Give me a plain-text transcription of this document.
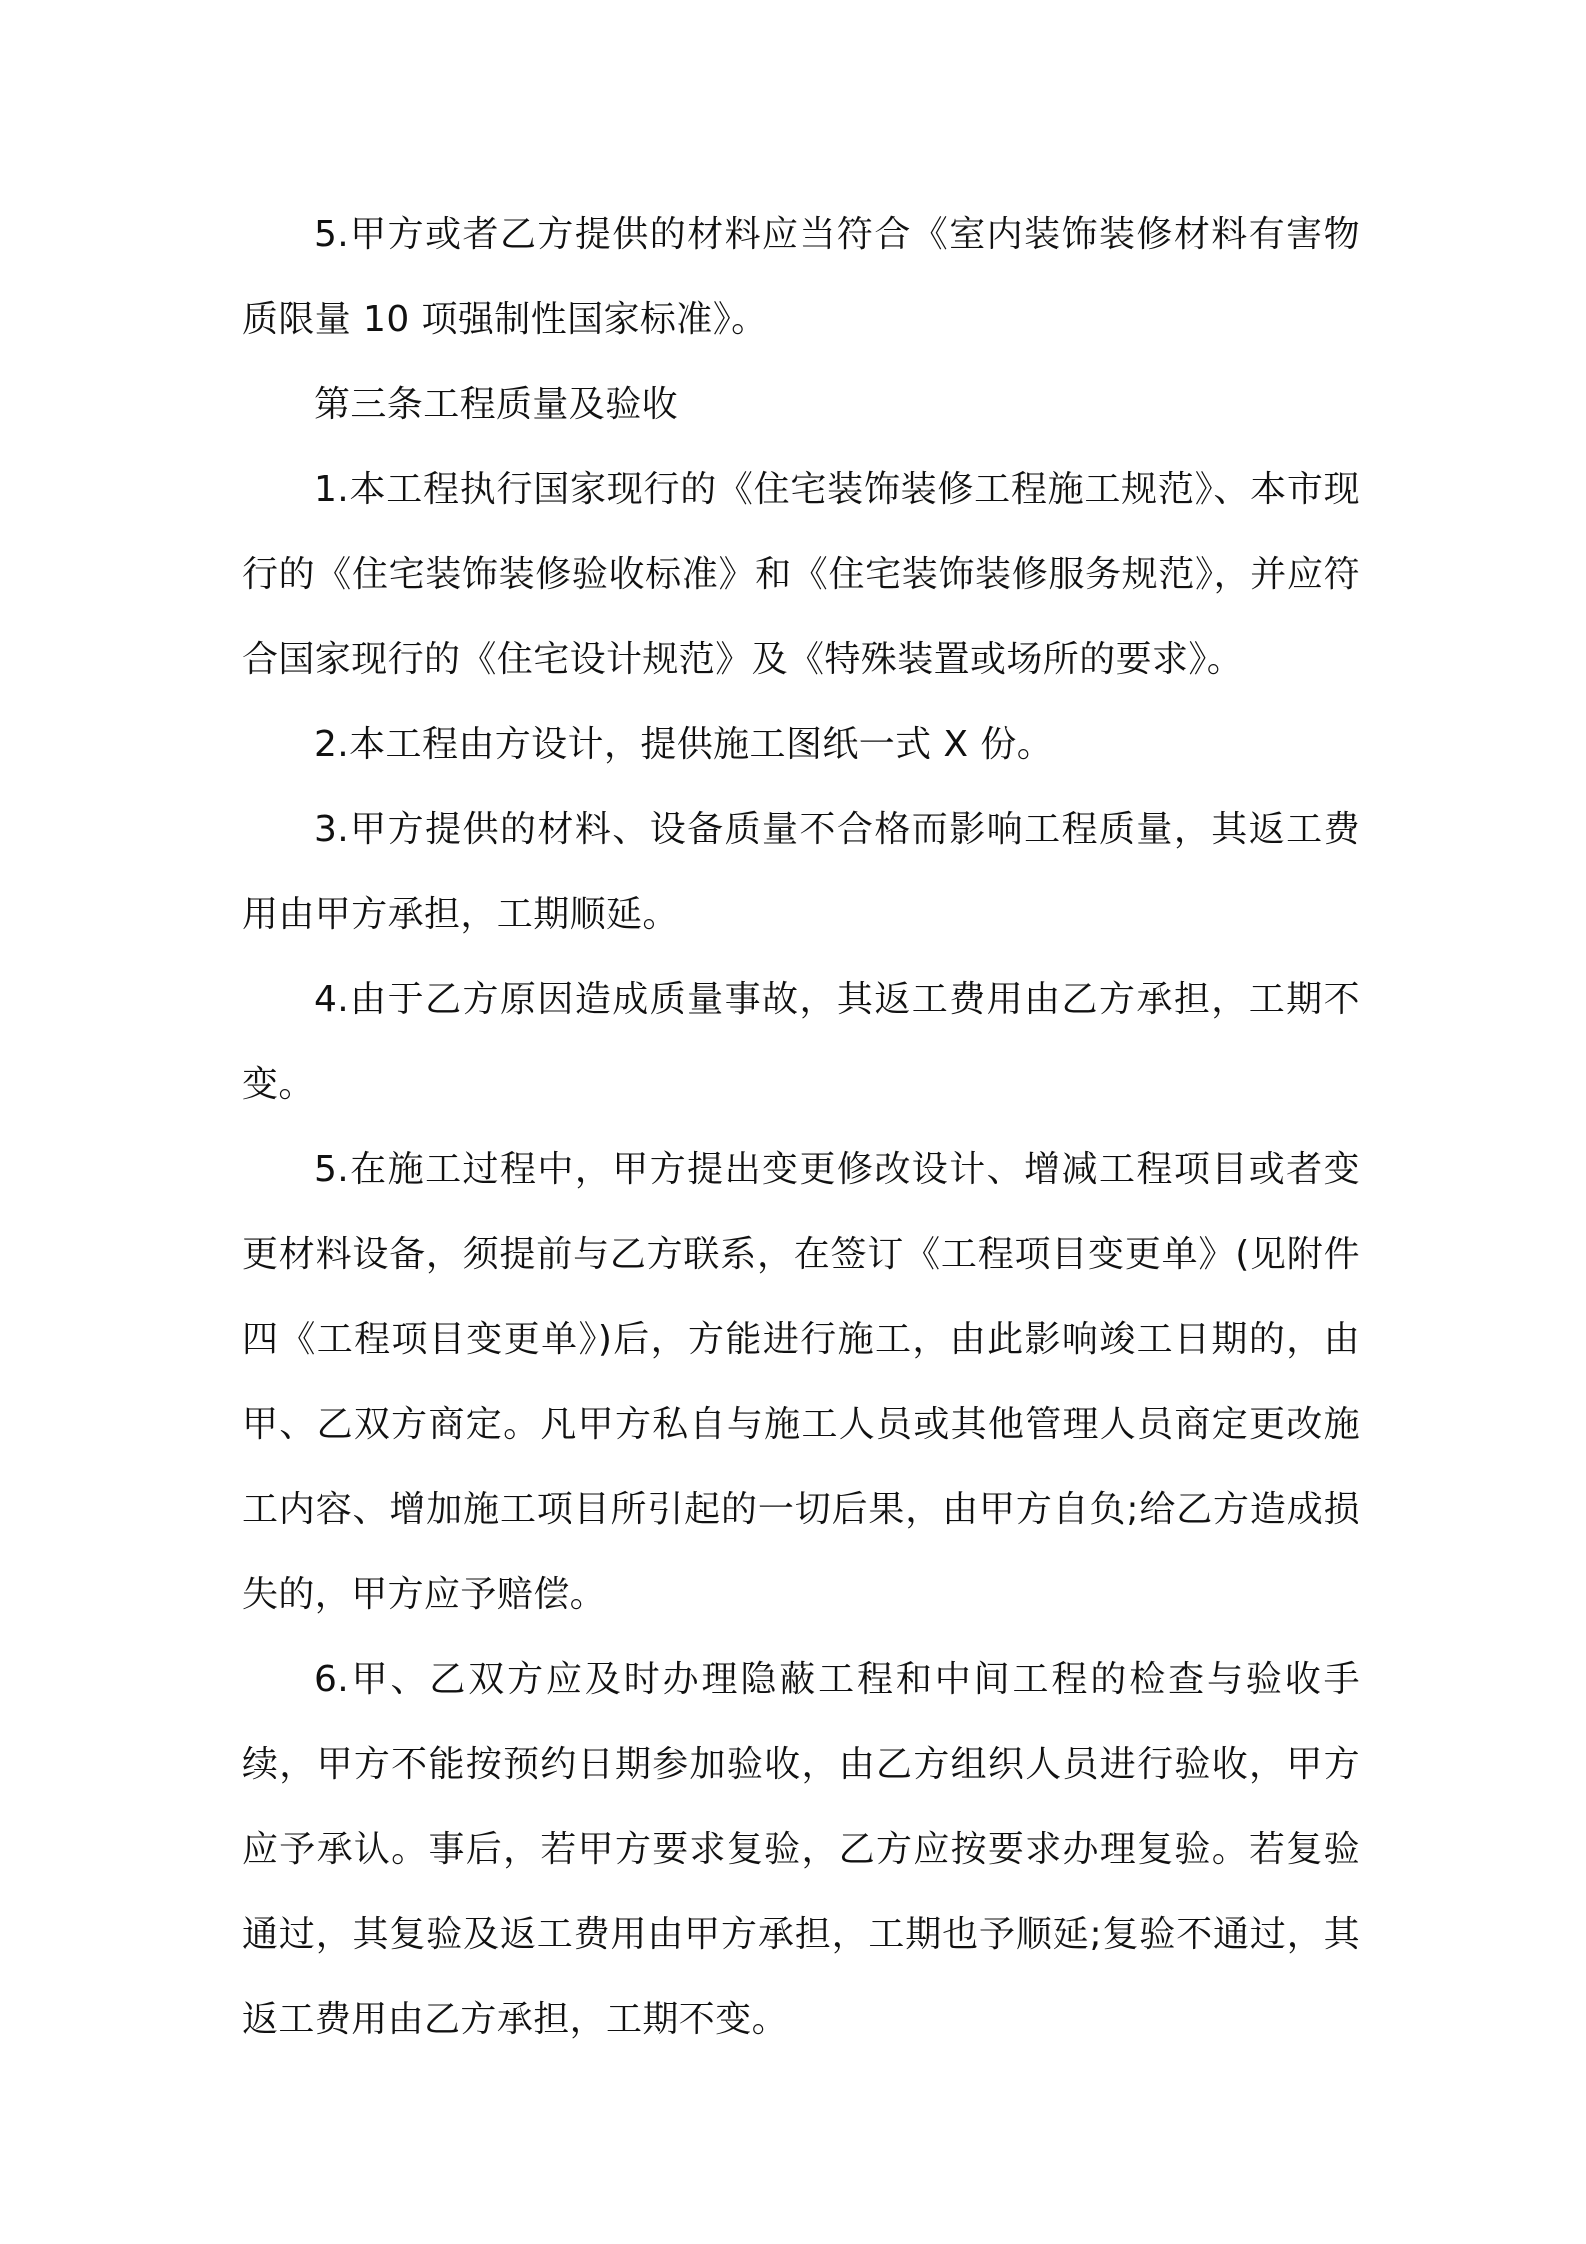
5.甲方或者乙方提供的材料应当符合《室内装饰装修材料有害物质限量 10 项强制性国家标准》。

第三条工程质量及验收

1.本工程执行国家现行的《住宅装饰装修工程施工规范》、本市现行的《住宅装饰装修验收标准》和《住宅装饰装修服务规范》，并应符合国家现行的《住宅设计规范》及《特殊装置或场所的要求》。

2.本工程由方设计，提供施工图纸一式 X 份。

3.甲方提供的材料、设备质量不合格而影响工程质量，其返工费用由甲方承担，工期顺延。

4.由于乙方原因造成质量事故，其返工费用由乙方承担，工期不变。

5.在施工过程中，甲方提出变更修改设计、增减工程项目或者变更材料设备，须提前与乙方联系，在签订《工程项目变更单》(见附件四《工程项目变更单》)后，方能进行施工，由此影响竣工日期的，由甲、乙双方商定。凡甲方私自与施工人员或其他管理人员商定更改施工内容、增加施工项目所引起的一切后果，由甲方自负;给乙方造成损失的，甲方应予赔偿。

6.甲、乙双方应及时办理隐蔽工程和中间工程的检查与验收手续，甲方不能按预约日期参加验收，由乙方组织人员进行验收，甲方应予承认。事后，若甲方要求复验，乙方应按要求办理复验。若复验通过，其复验及返工费用由甲方承担，工期也予顺延;复验不通过，其返工费用由乙方承担，工期不变。
